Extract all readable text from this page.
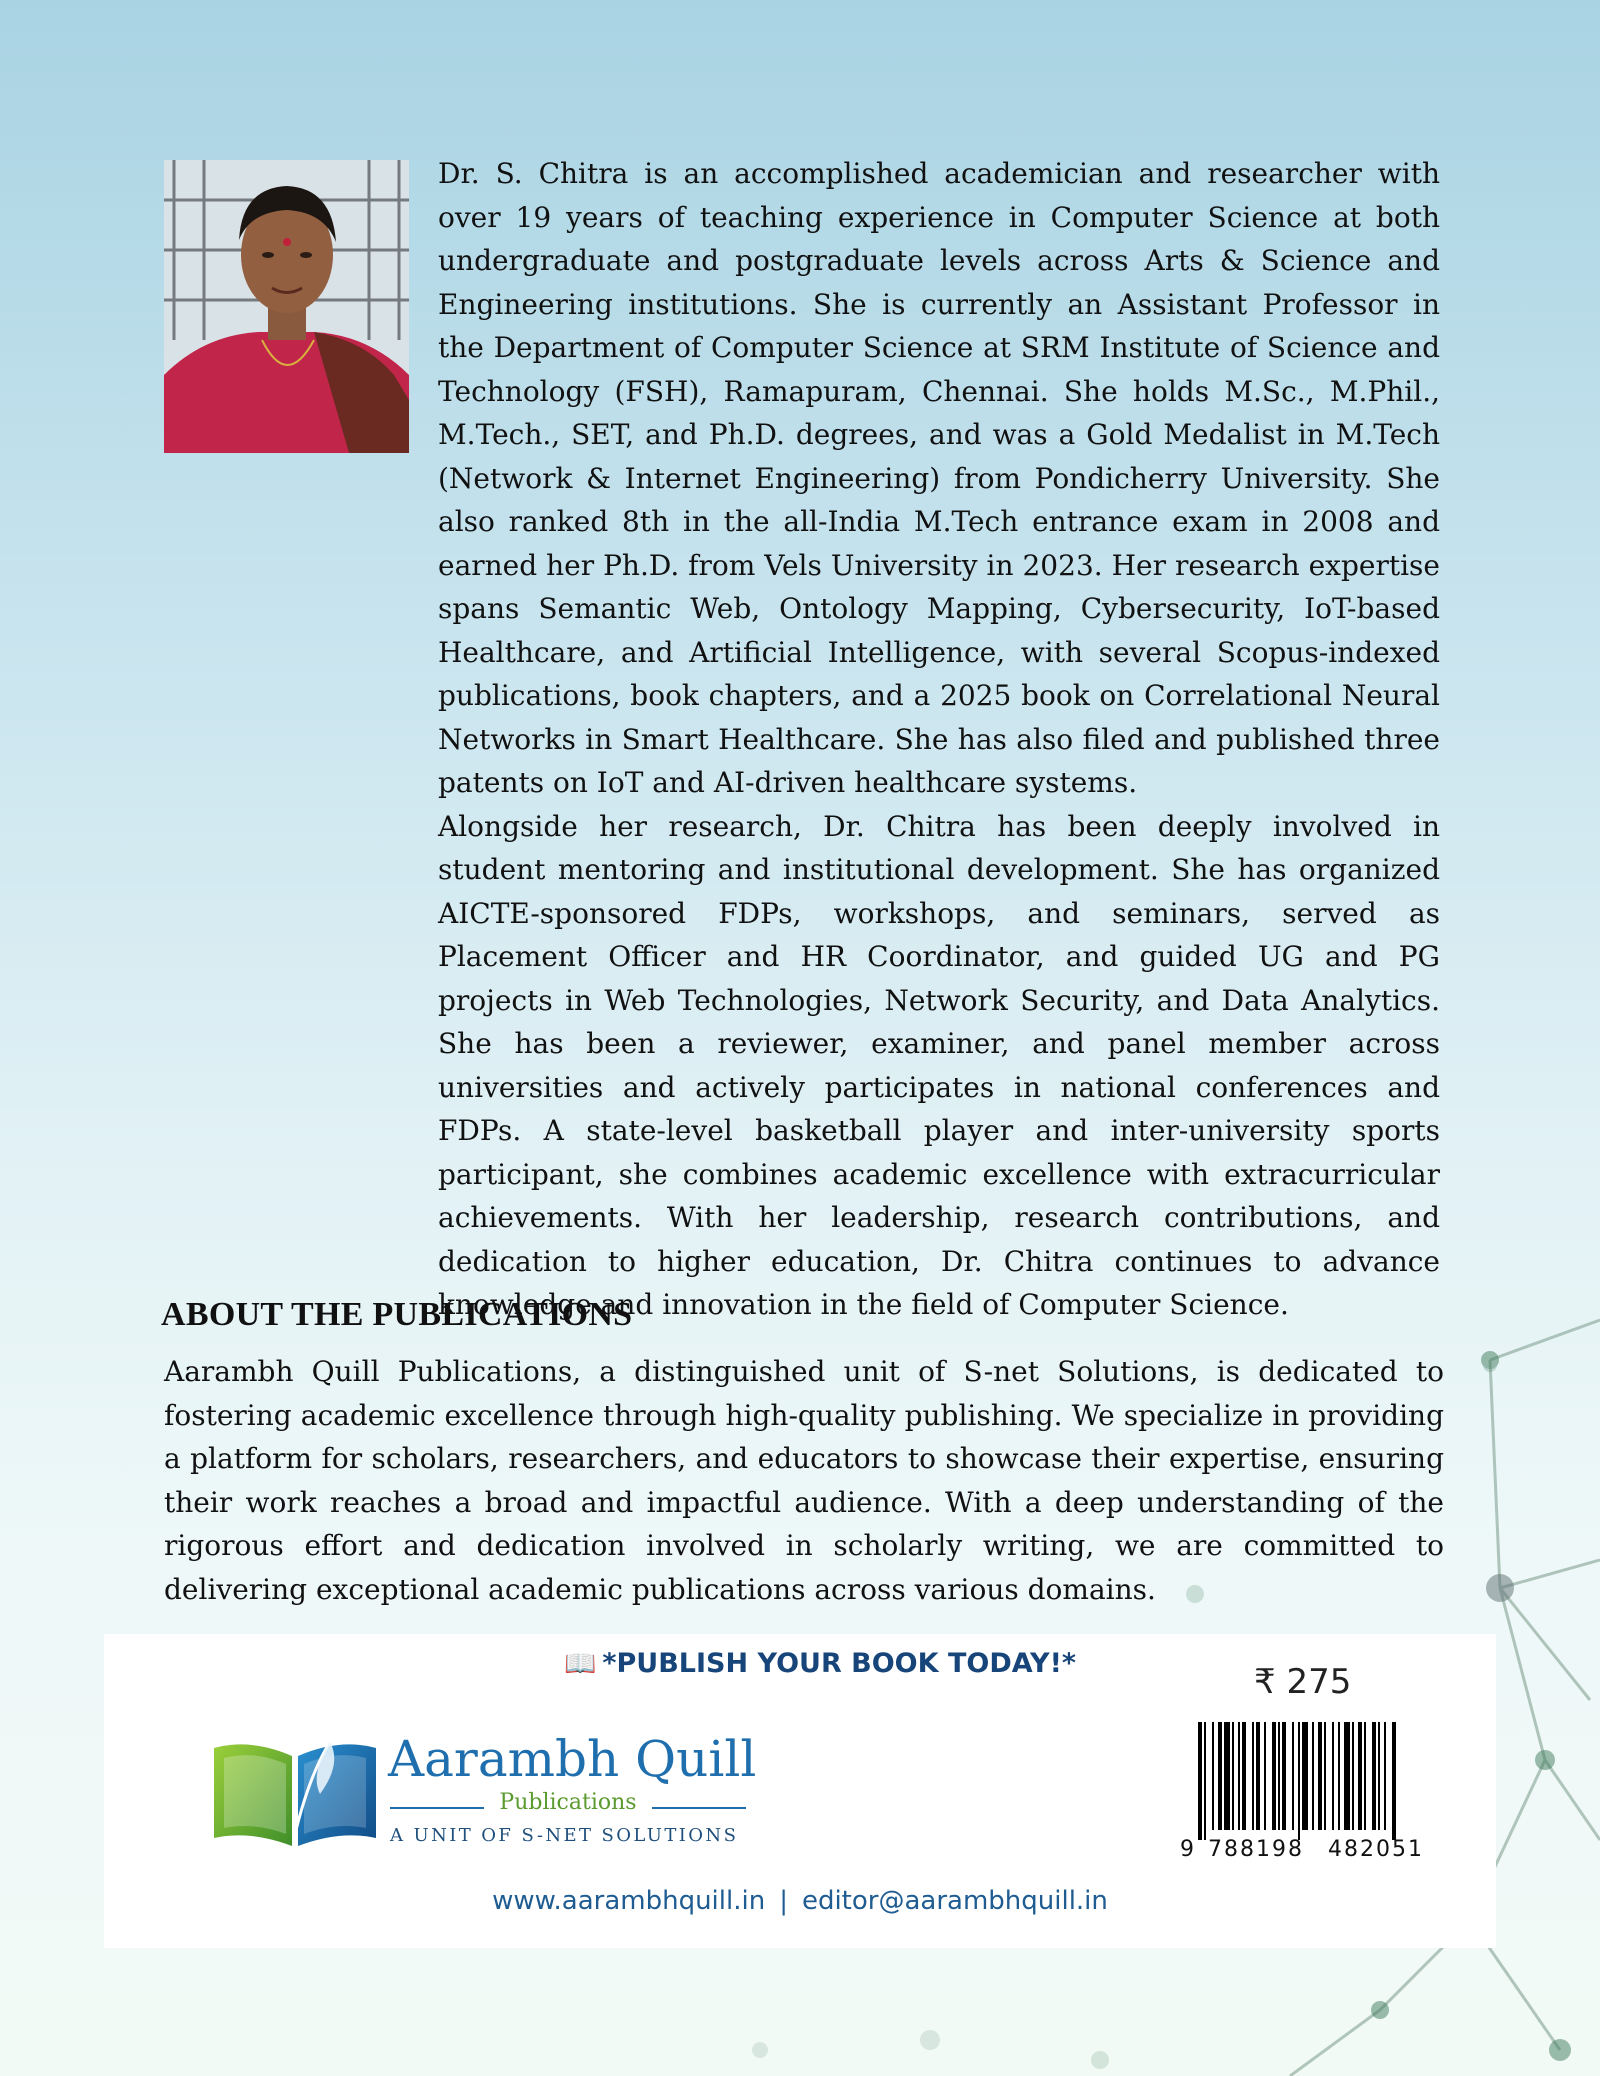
Dr. S. Chitra is an accomplished academician and researcher with over 19 years of teaching experience in Computer Science at both undergraduate and postgraduate levels across Arts & Science and Engineering institutions. She is currently an Assistant Professor in the Department of Computer Science at SRM Institute of Science and Technology (FSH), Ramapuram, Chennai. She holds M.Sc., M.Phil., M.Tech., SET, and Ph.D. degrees, and was a Gold Medalist in M.Tech (Network & Internet Engineering) from Pondicherry University. She also ranked 8th in the all-India M.Tech entrance exam in 2008 and earned her Ph.D. from Vels University in 2023. Her research expertise spans Semantic Web, Ontology Mapping, Cybersecurity, IoT-based Healthcare, and Artificial Intelligence, with several Scopus-indexed publications, book chapters, and a 2025 book on Correlational Neural Networks in Smart Healthcare. She has also filed and published three patents on IoT and AI-driven healthcare systems.

Alongside her research, Dr. Chitra has been deeply involved in student mentoring and institutional development. She has organized AICTE-sponsored FDPs, workshops, and seminars, served as Placement Officer and HR Coordinator, and guided UG and PG projects in Web Technologies, Network Security, and Data Analytics. She has been a reviewer, examiner, and panel member across universities and actively participates in national conferences and FDPs. A state-level basketball player and inter-university sports participant, she combines academic excellence with extracurricular achievements. With her leadership, research contributions, and dedication to higher education, Dr. Chitra continues to advance knowledge and innovation in the field of Computer Science.

ABOUT THE PUBLICATIONS

Aarambh Quill Publications, a distinguished unit of S-net Solutions, is dedicated to fostering academic excellence through high-quality publishing. We specialize in providing a platform for scholars, researchers, and educators to showcase their expertise, ensuring their work reaches a broad and impactful audience. With a deep understanding of the rigorous effort and dedication involved in scholarly writing, we are committed to delivering exceptional academic publications across various domains.

📖 *PUBLISH YOUR BOOK TODAY!*
Aarambh Quill
Publications
A UNIT OF S-NET SOLUTIONS
₹ 275
9 788198 482051
www.aarambhquill.in | editor@aarambhquill.in
